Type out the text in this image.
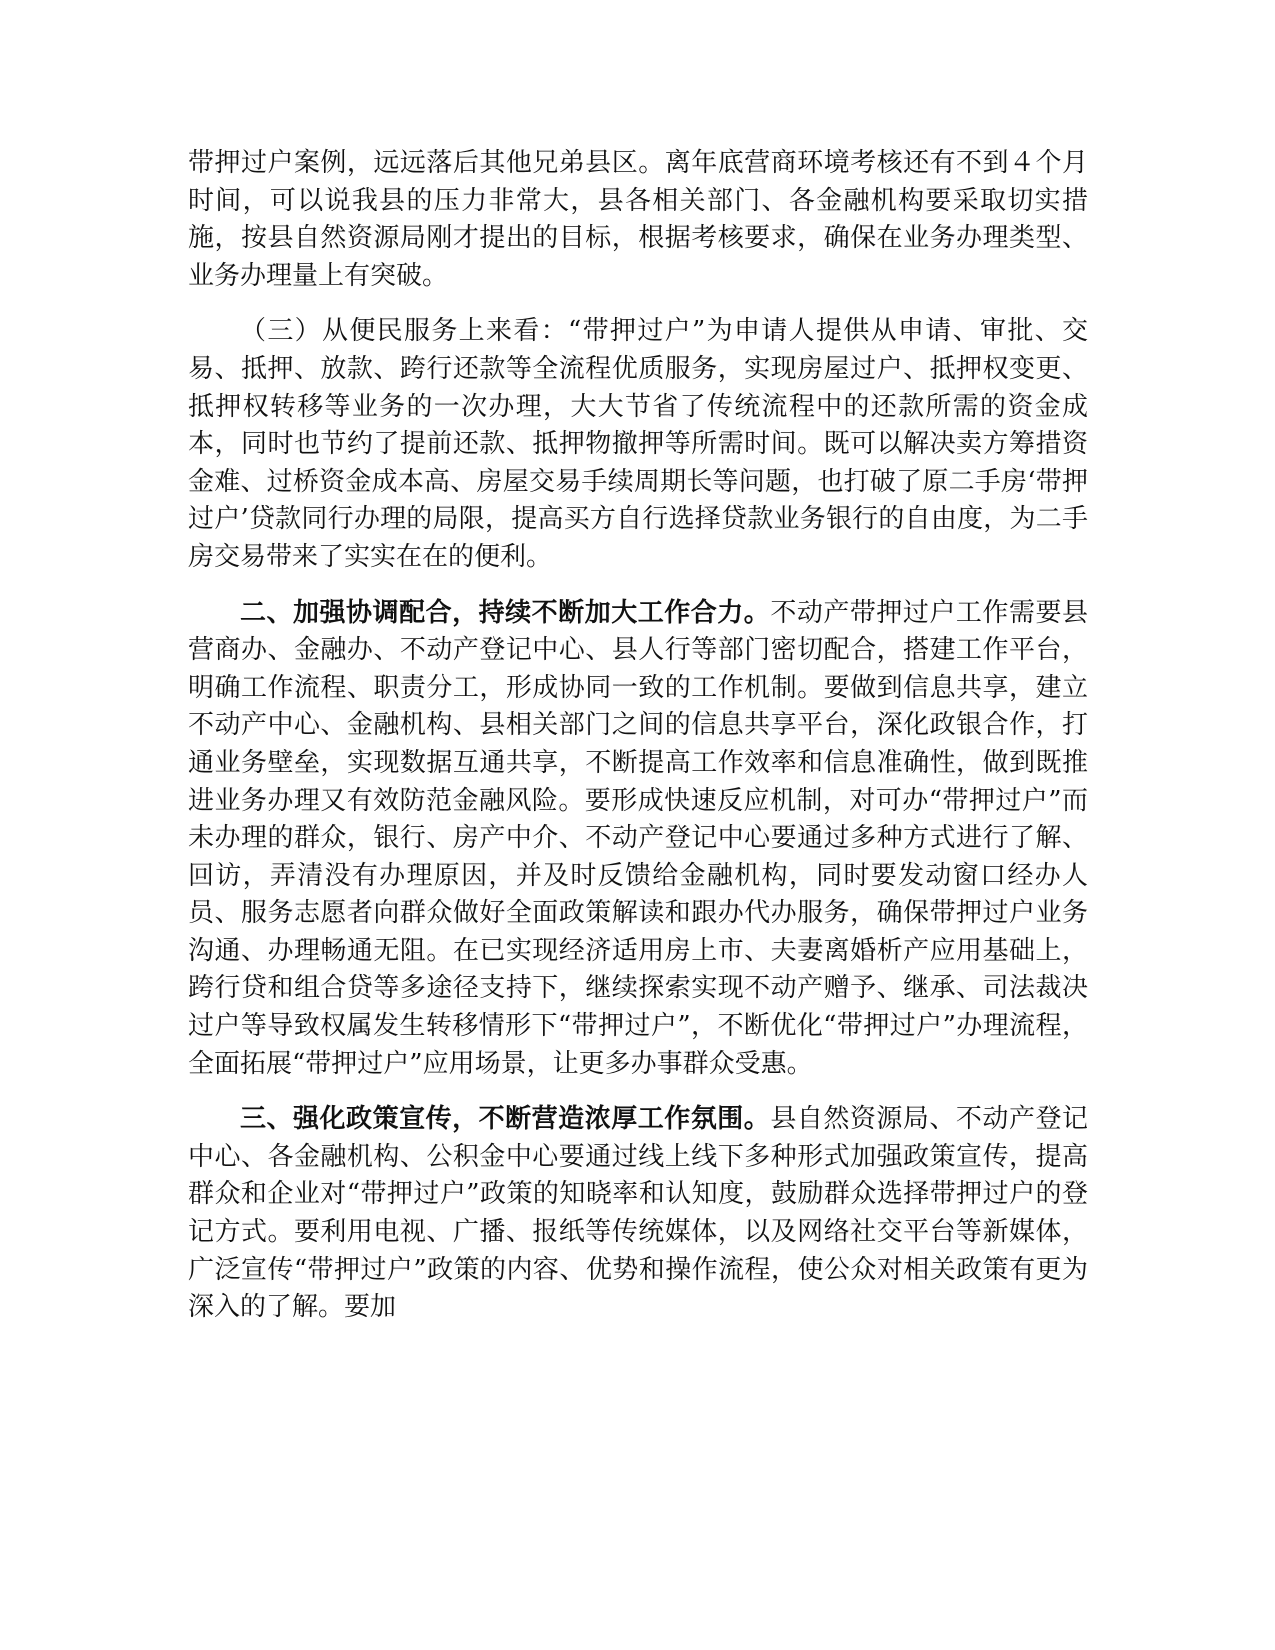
带押过户案例，远远落后其他兄弟县区。离年底营商环境考核还有不到４个月时间，可以说我县的压力非常大，县各相关部门、各金融机构要采取切实措施，按县自然资源局刚才提出的目标，根据考核要求，确保在业务办理类型、业务办理量上有突破。

（三）从便民服务上来看：“带押过户”为申请人提供从申请、审批、交易、抵押、放款、跨行还款等全流程优质服务，实现房屋过户、抵押权变更、抵押权转移等业务的一次办理，大大节省了传统流程中的还款所需的资金成本，同时也节约了提前还款、抵押物撤押等所需时间。既可以解决卖方筹措资金难、过桥资金成本高、房屋交易手续周期长等问题，也打破了原二手房‘带押过户’贷款同行办理的局限，提高买方自行选择贷款业务银行的自由度，为二手房交易带来了实实在在的便利。

二、加强协调配合，持续不断加大工作合力。不动产带押过户工作需要县营商办、金融办、不动产登记中心、县人行等部门密切配合，搭建工作平台，明确工作流程、职责分工，形成协同一致的工作机制。要做到信息共享，建立不动产中心、金融机构、县相关部门之间的信息共享平台，深化政银合作，打通业务壁垒，实现数据互通共享，不断提高工作效率和信息准确性，做到既推进业务办理又有效防范金融风险。要形成快速反应机制，对可办“带押过户”而未办理的群众，银行、房产中介、不动产登记中心要通过多种方式进行了解、回访，弄清没有办理原因，并及时反馈给金融机构，同时要发动窗口经办人员、服务志愿者向群众做好全面政策解读和跟办代办服务，确保带押过户业务沟通、办理畅通无阻。在已实现经济适用房上市、夫妻离婚析产应用基础上，跨行贷和组合贷等多途径支持下，继续探索实现不动产赠予、继承、司法裁决过户等导致权属发生转移情形下“带押过户”，不断优化“带押过户”办理流程，全面拓展“带押过户”应用场景，让更多办事群众受惠。

三、强化政策宣传，不断营造浓厚工作氛围。县自然资源局、不动产登记中心、各金融机构、公积金中心要通过线上线下多种形式加强政策宣传，提高群众和企业对“带押过户”政策的知晓率和认知度，鼓励群众选择带押过户的登记方式。要利用电视、广播、报纸等传统媒体，以及网络社交平台等新媒体，广泛宣传“带押过户”政策的内容、优势和操作流程，使公众对相关政策有更为深入的了解。要加
